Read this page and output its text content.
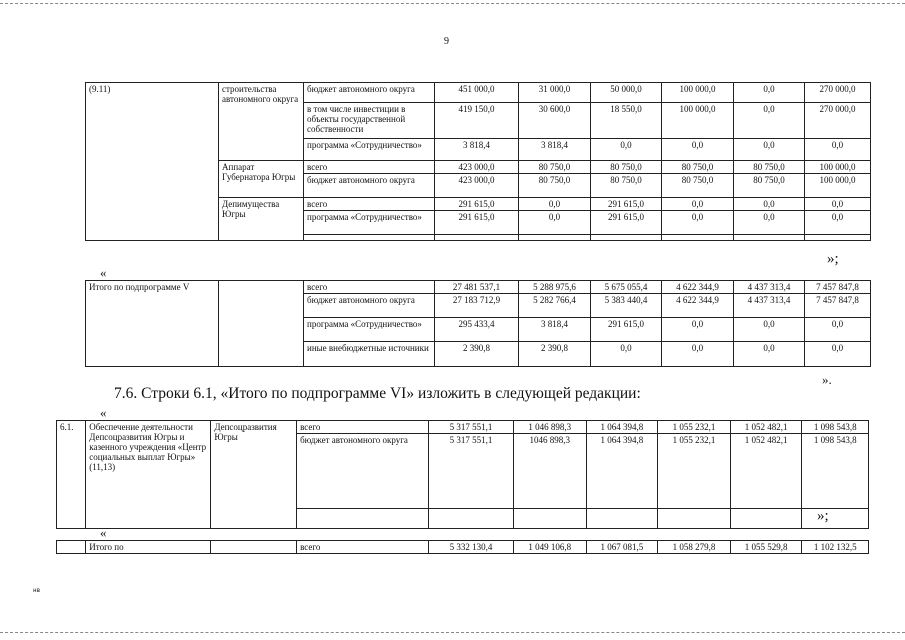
9
(9.11)	строительства автономного округа	бюджет автономного округа	451 000,0	31 000,0	50 000,0	100 000,0	0,0	270 000,0
		в том числе инвестиции в объекты государственной собственности	419 150,0	30 600,0	18 550,0	100 000,0	0,0	270 000,0
		программа «Сотрудничество»	3 818,4	3 818,4	0,0	0,0	0,0	0,0
	Аппарат Губернатора Югры	всего	423 000,0	80 750,0	80 750,0	80 750,0	80 750,0	100 000,0
		бюджет автономного округа	423 000,0	80 750,0	80 750,0	80 750,0	80 750,0	100 000,0
	Депимущества Югры	всего	291 615,0	0,0	291 615,0	0,0	0,0	0,0
		программа «Сотрудничество»	291 615,0	0,0	291 615,0	0,0	0,0	0,0

»;
«
Итого по подпрограмме V		всего	27 481 537,1	5 288 975,6	5 675 055,4	4 622 344,9	4 437 313,4	7 457 847,8
		бюджет автономного округа	27 183 712,9	5 282 766,4	5 383 440,4	4 622 344,9	4 437 313,4	7 457 847,8
		программа «Сотрудничество»	295 433,4	3 818,4	291 615,0	0,0	0,0	0,0
		иные внебюджетные источники	2 390,8	2 390,8	0,0	0,0	0,0	0,0
».
7.6. Строки 6.1, «Итого по подпрограмме VI» изложить в следующей редакции:
«
6.1.	Обеспечение деятельности Депсоцразвития Югры и казенного учреждения «Центр социальных выплат Югры» (11,13)	Депсоцразвития Югры	всего	5 317 551,1	1 046 898,3	1 064 394,8	1 055 232,1	1 052 482,1	1 098 543,8
			бюджет автономного округа	5 317 551,1	1046 898,3	1 064 394,8	1 055 232,1	1 052 482,1	1 098 543,8

»;
«
	Итого по		всего	5 332 130,4	1 049 106,8	1 067 081,5	1 058 279,8	1 055 529,8	1 102 132,5
нв
